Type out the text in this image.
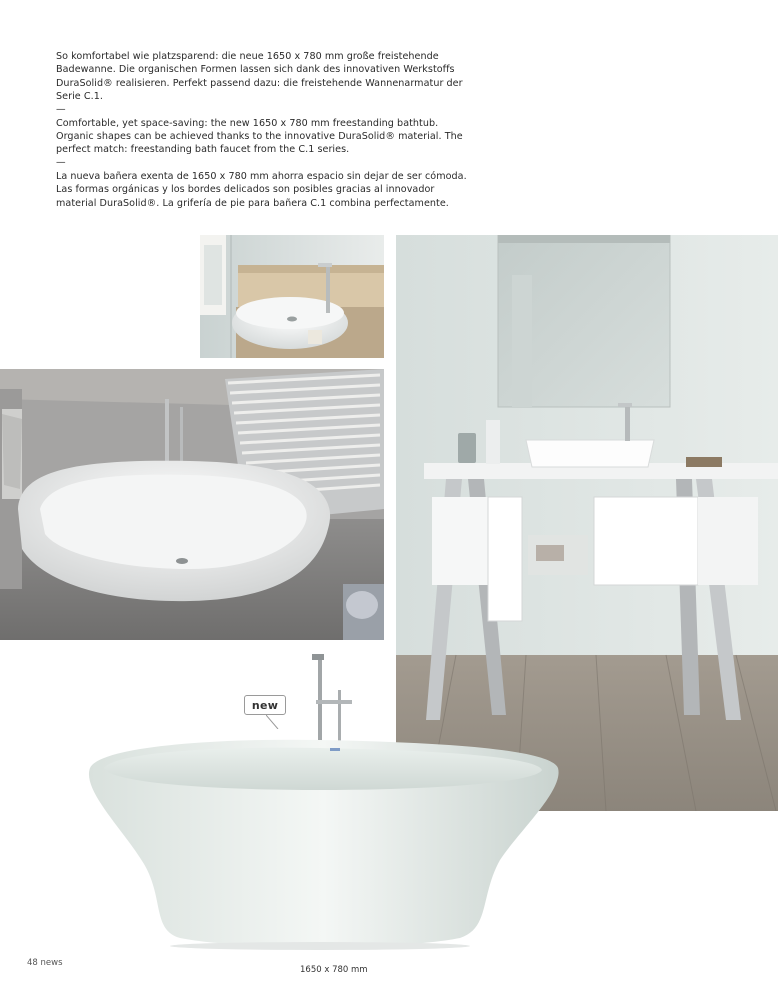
So komfortabel wie platzsparend: die neue 1650 x 780 mm große freistehende Badewanne. Die organischen Formen lassen sich dank des innovativen Werkstoffs DuraSolid® realisieren. Perfekt passend dazu: die freistehende Wannenarmatur der Serie C.1.

—

Comfortable, yet space-saving: the new 1650 x 780 mm freestanding bathtub. Organic shapes can be achieved thanks to the innovative DuraSolid® material. The perfect match: freestanding bath faucet from the C.1 series.

—

La nueva bañera exenta de 1650 x 780 mm ahorra espacio sin dejar de ser cómoda. Las formas orgánicas y los bordes delicados son posibles gracias al innovador material DuraSolid®. La grifería de pie para bañera C.1 combina perfectamente.

new
1650 x 780 mm
48 news
